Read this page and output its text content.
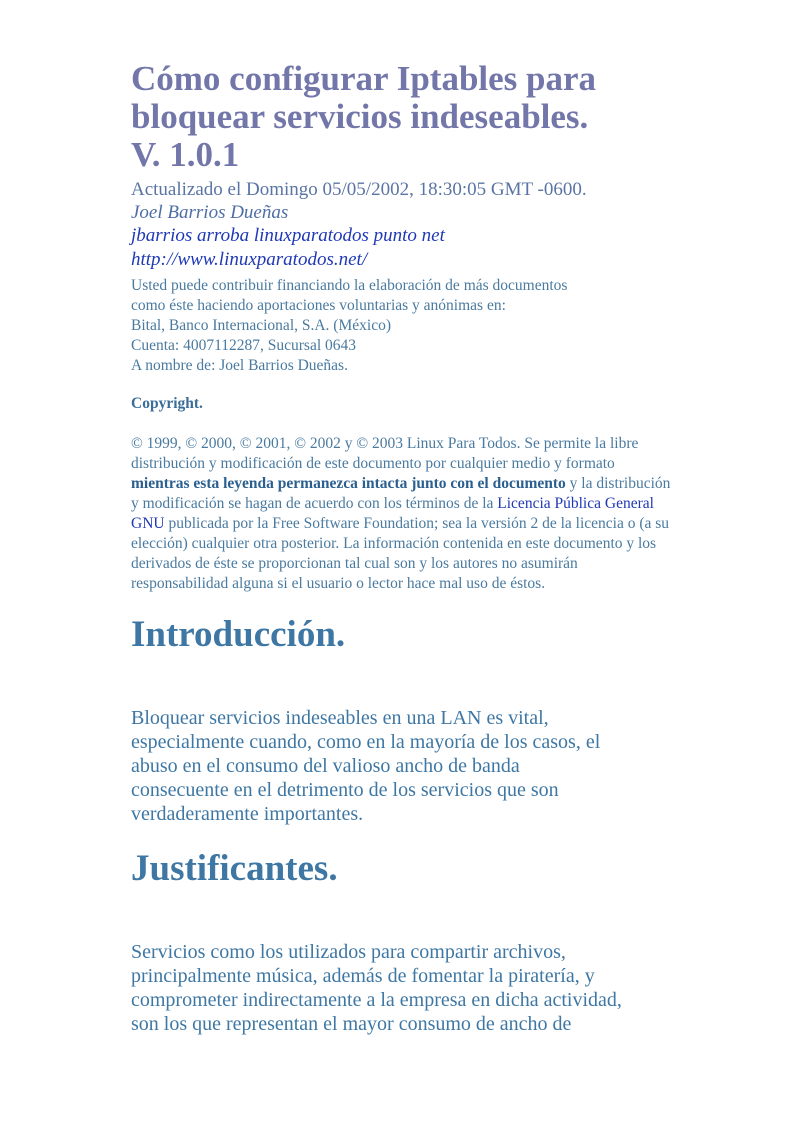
Cómo configurar Iptables para
bloquear servicios indeseables.
V. 1.0.1

Actualizado el Domingo 05/05/2002, 18:30:05 GMT -0600.

Joel Barrios Dueñas

jbarrios arroba linuxparatodos punto net

http://www.linuxparatodos.net/

Usted puede contribuir financiando la elaboración de más documentos

como éste haciendo aportaciones voluntarias y anónimas en:

Bital, Banco Internacional, S.A. (México)

Cuenta: 4007112287, Sucursal 0643

A nombre de: Joel Barrios Dueñas.

Copyright.

© 1999, © 2000, © 2001, © 2002 y © 2003 Linux Para Todos. Se permite la libre distribución y modificación de este documento por cualquier medio y formato mientras esta leyenda permanezca intacta junto con el documento y la distribución y modificación se hagan de acuerdo con los términos de la Licencia Pública General GNU publicada por la Free Software Foundation; sea la versión 2 de la licencia o (a su elección) cualquier otra posterior. La información contenida en este documento y los derivados de éste se proporcionan tal cual son y los autores no asumirán responsabilidad alguna si el usuario o lector hace mal uso de éstos.

Introducción.
Bloquear servicios indeseables en una LAN es vital,
especialmente cuando, como en la mayoría de los casos, el
abuso en el consumo del valioso ancho de banda
consecuente en el detrimento de los servicios que son
verdaderamente importantes.
Justificantes.
Servicios como los utilizados para compartir archivos,
principalmente música, además de fomentar la piratería, y
comprometer indirectamente a la empresa en dicha actividad,
son los que representan el mayor consumo de ancho de
